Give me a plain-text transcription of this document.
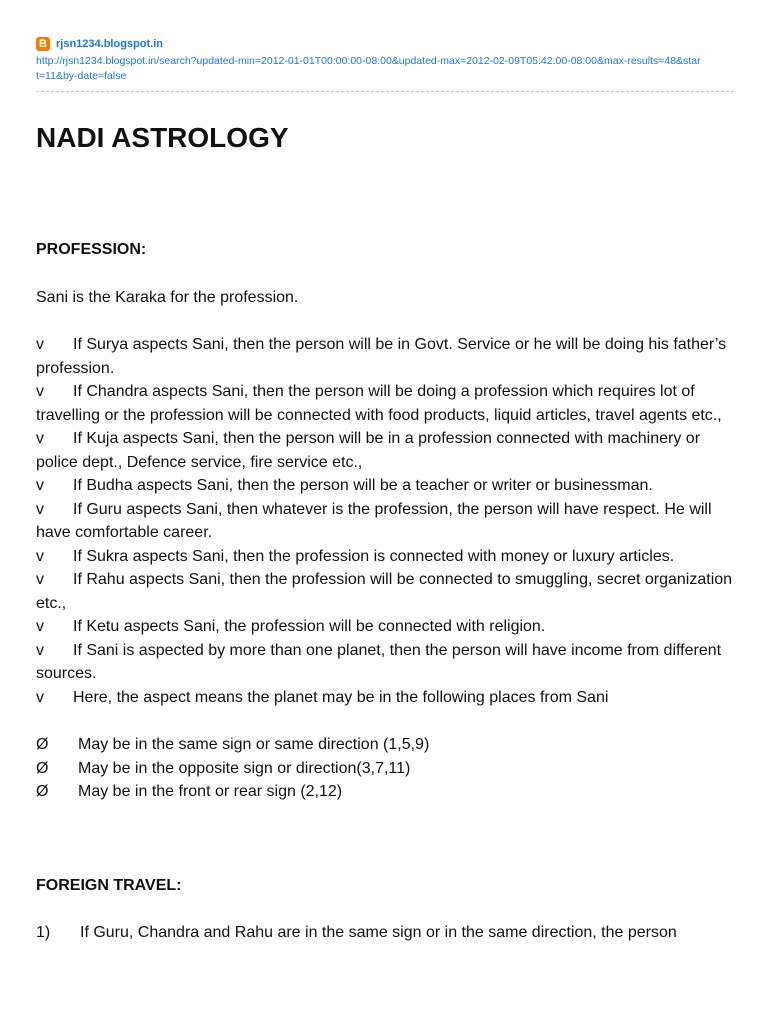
B rjsn1234.blogspot.in
http://rjsn1234.blogspot.in/search?updated-min=2012-01-01T00:00:00-08:00&updated-max=2012-02-09T05:42:00-08:00&max-results=48&start=11&by-date=false
NADI ASTROLOGY

PROFESSION:

Sani is the Karaka for the profession.

v If Surya aspects Sani, then the person will be in Govt. Service or he will be doing his father’s profession.

v If Chandra aspects Sani, then the person will be doing a profession which requires lot of travelling or the profession will be connected with food products, liquid articles, travel agents etc.,

v If Kuja aspects Sani, then the person will be in a profession connected with machinery or police dept., Defence service, fire service etc.,

v If Budha aspects Sani, then the person will be a teacher or writer or businessman.

v If Guru aspects Sani, then whatever is the profession, the person will have respect. He will have comfortable career.

v If Sukra aspects Sani, then the profession is connected with money or luxury articles.

v If Rahu aspects Sani, then the profession will be connected to smuggling, secret organization etc.,

v If Ketu aspects Sani, the profession will be connected with religion.

v If Sani is aspected by more than one planet, then the person will have income from different sources.

v Here, the aspect means the planet may be in the following places from Sani

Ø May be in the same sign or same direction (1,5,9)

Ø May be in the opposite sign or direction(3,7,11)

Ø May be in the front or rear sign (2,12)

FOREIGN TRAVEL:

1) If Guru, Chandra and Rahu are in the same sign or in the same direction, the person
